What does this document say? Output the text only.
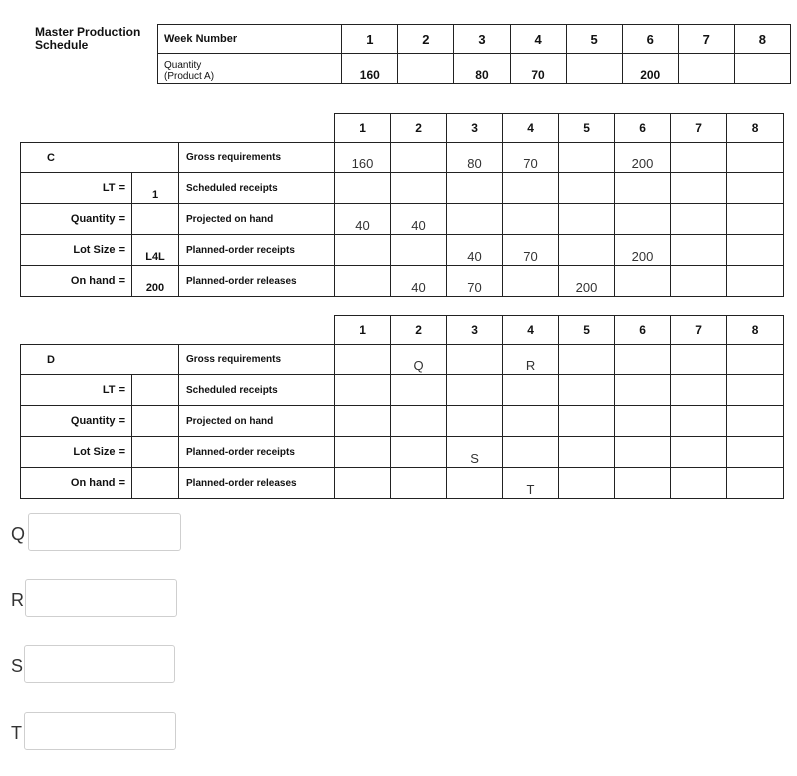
Master Production Schedule	Week Number	1	2	3	4	5	6	7	8

Quantity
(Product A)	160		80	70		200		
			1	2	3	4	5	6	7	8
C		Gross requirements	160		80	70		200		
LT =	1	Scheduled receipts								
Quantity =		Projected on hand	40	40						
Lot Size =	L4L	Planned-order receipts			40	70		200		
On hand =	200	Planned-order releases		40	70		200			
			1	2	3	4	5	6	7	8
D		Gross requirements		Q		R				
LT =		Scheduled receipts								
Quantity =		Projected on hand								
Lot Size =		Planned-order receipts			S					
On hand =		Planned-order releases				T				
Q
R
S
T
